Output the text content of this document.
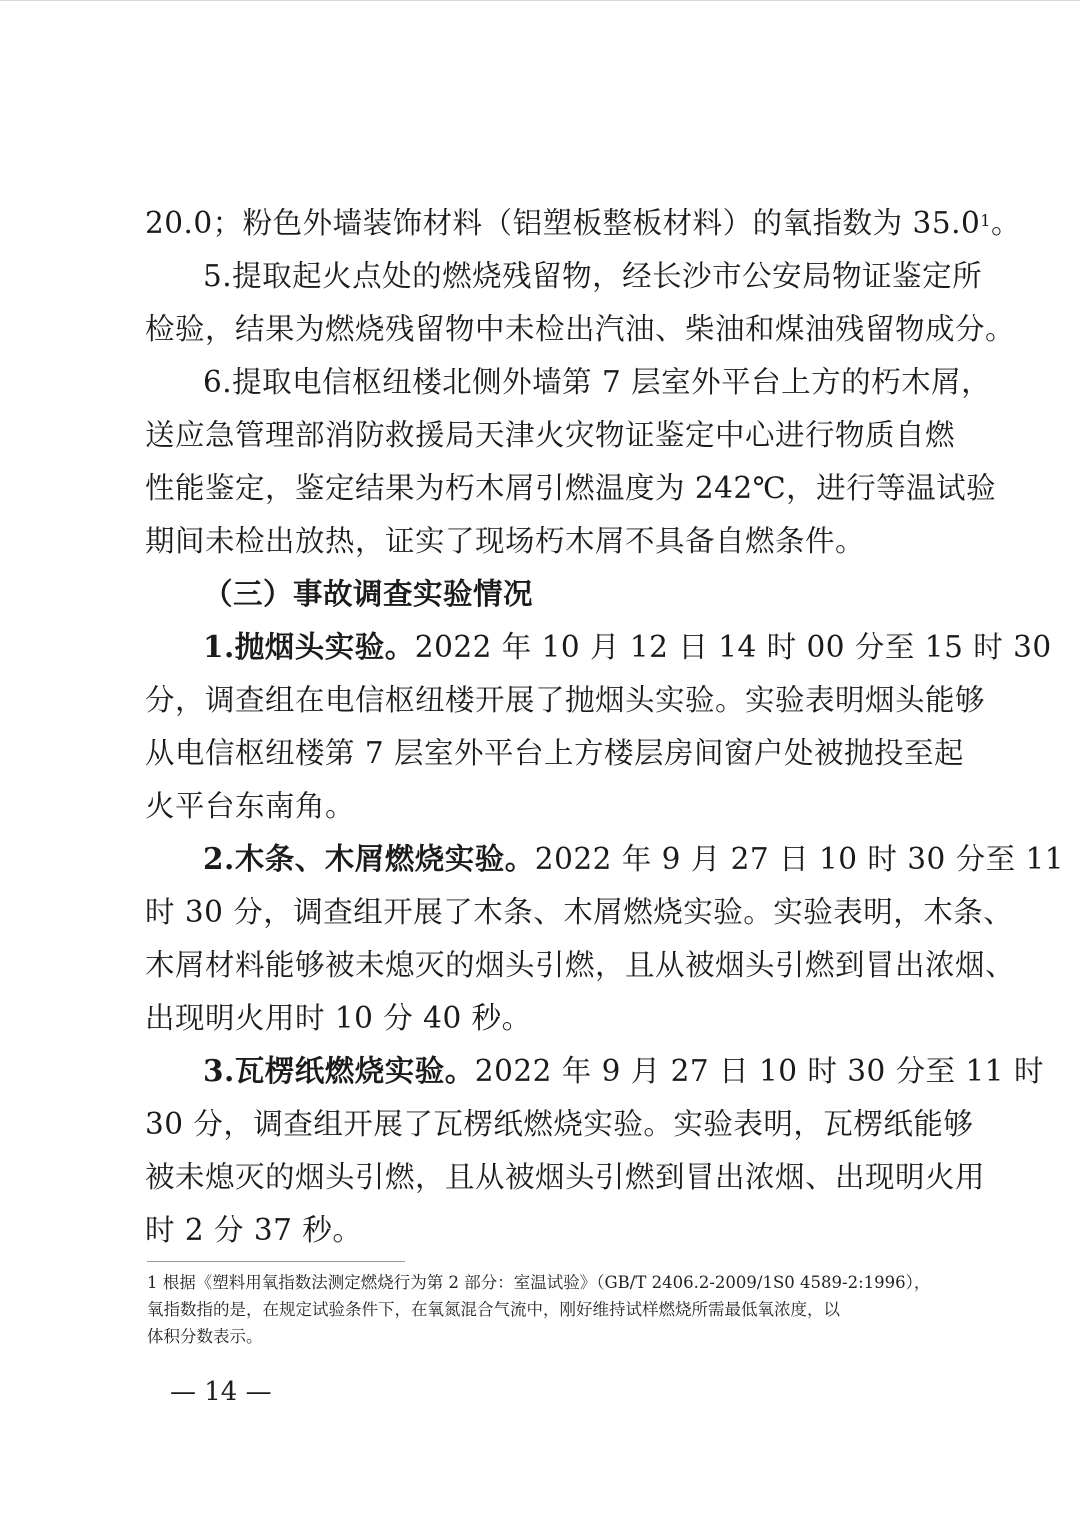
20.0；粉色外墙装饰材料（铝塑板整板材料）的氧指数为 35.0$^1$。
5.提取起火点处的燃烧残留物，经长沙市公安局物证鉴定所
检验，结果为燃烧残留物中未检出汽油、柴油和煤油残留物成分。
6.提取电信枢纽楼北侧外墙第 7 层室外平台上方的朽木屑，
送应急管理部消防救援局天津火灾物证鉴定中心进行物质自燃
性能鉴定，鉴定结果为朽木屑引燃温度为 242℃，进行等温试验
期间未检出放热，证实了现场朽木屑不具备自燃条件。
（三）事故调查实验情况
1.抛烟头实验。2022 年 10 月 12 日 14 时 00 分至 15 时 30
分，调查组在电信枢纽楼开展了抛烟头实验。实验表明烟头能够
从电信枢纽楼第 7 层室外平台上方楼层房间窗户处被抛投至起
火平台东南角。
2.木条、木屑燃烧实验。2022 年 9 月 27 日 10 时 30 分至 11
时 30 分，调查组开展了木条、木屑燃烧实验。实验表明，木条、
木屑材料能够被未熄灭的烟头引燃，且从被烟头引燃到冒出浓烟、
出现明火用时 10 分 40 秒。
3.瓦楞纸燃烧实验。2022 年 9 月 27 日 10 时 30 分至 11 时
30 分，调查组开展了瓦楞纸燃烧实验。实验表明，瓦楞纸能够
被未熄灭的烟头引燃，且从被烟头引燃到冒出浓烟、出现明火用
时 2 分 37 秒。
1 根据《塑料用氧指数法测定燃烧行为第 2 部分：室温试验》（GB/T 2406.2-2009/1S0 4589-2:1996），
氧指数指的是，在规定试验条件下，在氧氮混合气流中，刚好维持试样燃烧所需最低氧浓度，以
体积分数表示。
— 14 —
